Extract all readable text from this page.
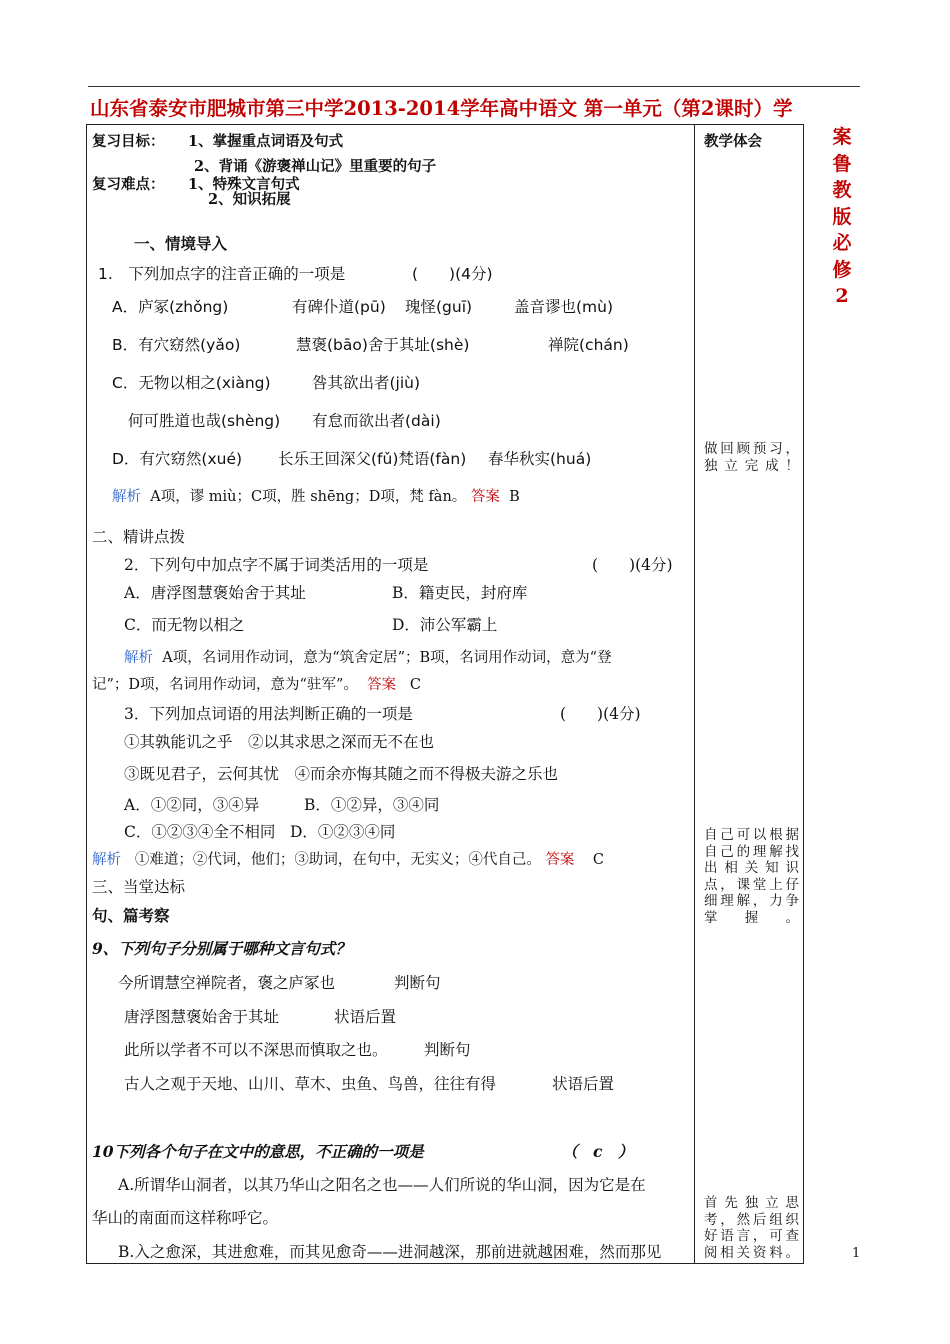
山东省泰安市肥城市第三中学2013-2014学年高中语文 第一单元（第2课时）学
案
鲁
教
版
必
修
2
教学体会
复习目标： 1、掌握重点词语及句式
2、背诵《游褒禅山记》里重要的句子
复习难点： 1、特殊文言句式
2、知识拓展
一、情境导入
1.　下列加点字的注音正确的一项是	(　　)(4分)
A．庐冢(zhǒng)	有碑仆道(pū) 瑰怪(guī)	盖音谬也(mù)
B．有穴窈然(yǎo)	慧褒(bāo)舍于其址(shè)	禅院(chán)
C．无物以相之(xiàng)	咎其欲出者(jiù)
何可胜道也哉(shèng) 有怠而欲出者(dài)
D．有穴窈然(xué) 长乐王回深父(fǔ)梵语(fàn) 春华秋实(huá)
解析 A项，谬 miù；C项，胜 shēng；D项，梵 fàn。 答案 B
二、精讲点拨
2．下列句中加点字不属于词类活用的一项是	(　　)(4分)
A．唐浮图慧褒始舍于其址	B．籍吏民，封府库
C．而无物以相之	D．沛公军霸上
解析 A项，名词用作动词，意为“筑舍定居”；B项，名词用作动词，意为“登
记”；D项，名词用作动词，意为“驻军”。 答案 C
3．下列加点词语的用法判断正确的一项是	(　　)(4分)
①其孰能讥之乎　②以其求思之深而无不在也
③既见君子，云何其忧　④而余亦悔其随之而不得极夫游之乐也
A．①②同，③④异	B．①②异，③④同
C．①②③④全不相同 D．①②③④同
解析 ①难道；②代词，他们；③助词，在句中，无实义；④代自己。 答案 C
三、当堂达标
句、篇考察
9、下列句子分别属于哪种文言句式？
今所谓慧空禅院者，褒之庐冢也	判断句
唐浮图慧褒始舍于其址	状语后置
此所以学者不可以不深思而慎取之也。 判断句
古人之观于天地、山川、草木、虫鱼、鸟兽，往往有得	状语后置
10下列各个句子在文中的意思，不正确的一项是	（　c　）
A.所谓华山洞者，以其乃华山之阳名之也——人们所说的华山洞，因为它是在
华山的南面而这样称呼它。
B.入之愈深，其进愈难，而其见愈奇——进洞越深，那前进就越困难，然而那见
做回顾预习，独立完成！
自己可以根据自己的理解找出相关知识点，课堂上仔细理解，力争掌握。
首先独立思考，然后组织好语言，可查阅相关资料。	1
